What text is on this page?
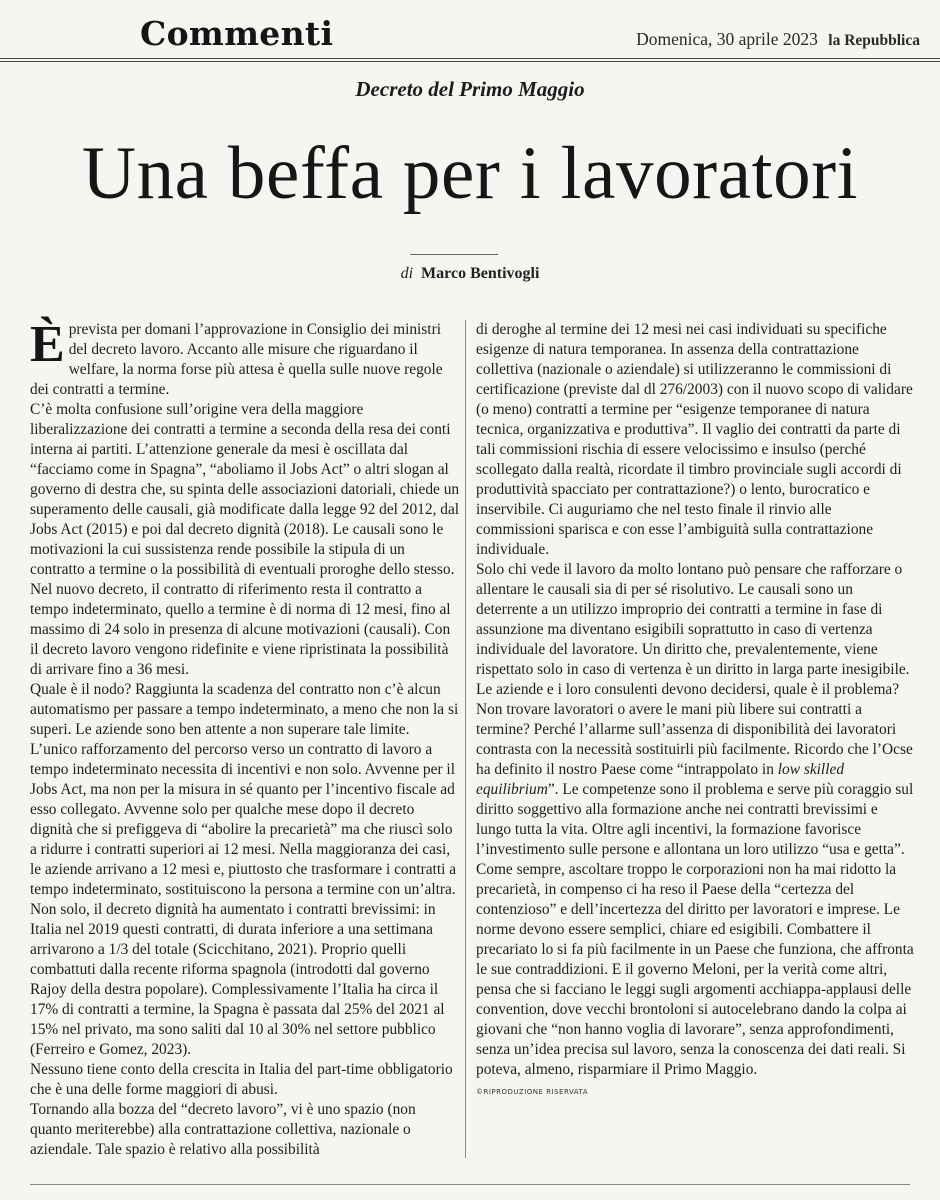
Commenti	Domenica, 30 aprile 2023 la Repubblica
Decreto del Primo Maggio
Una beffa per i lavoratori
di Marco Bentivogli

È prevista per domani l’approvazione in Consiglio dei ministri del decreto lavoro. Accanto alle misure che riguardano il welfare, la norma forse più attesa è quella sulle nuove regole dei contratti a termine.

C’è molta confusione sull’origine vera della maggiore liberalizzazione dei contratti a termine a seconda della resa dei conti interna ai partiti. L’attenzione generale da mesi è oscillata dal “facciamo come in Spagna”, “aboliamo il Jobs Act” o altri slogan al governo di destra che, su spinta delle associazioni datoriali, chiede un superamento delle causali, già modificate dalla legge 92 del 2012, dal Jobs Act (2015) e poi dal decreto dignità (2018). Le causali sono le motivazioni la cui sussistenza rende possibile la stipula di un contratto a termine o la possibilità di eventuali proroghe dello stesso.

Nel nuovo decreto, il contratto di riferimento resta il contratto a tempo indeterminato, quello a termine è di norma di 12 mesi, fino al massimo di 24 solo in presenza di alcune motivazioni (causali). Con il decreto lavoro vengono ridefinite e viene ripristinata la possibilità di arrivare fino a 36 mesi.

Quale è il nodo? Raggiunta la scadenza del contratto non c’è alcun automatismo per passare a tempo indeterminato, a meno che non la si superi. Le aziende sono ben attente a non superare tale limite. L’unico rafforzamento del percorso verso un contratto di lavoro a tempo indeterminato necessita di incentivi e non solo. Avvenne per il Jobs Act, ma non per la misura in sé quanto per l’incentivo fiscale ad esso collegato. Avvenne solo per qualche mese dopo il decreto dignità che si prefiggeva di “abolire la precarietà” ma che riuscì solo a ridurre i contratti superiori ai 12 mesi. Nella maggioranza dei casi, le aziende arrivano a 12 mesi e, piuttosto che trasformare i contratti a tempo indeterminato, sostituiscono la persona a termine con un’altra. Non solo, il decreto dignità ha aumentato i contratti brevissimi: in Italia nel 2019 questi contratti, di durata inferiore a una settimana arrivarono a 1/3 del totale (Scicchitano, 2021). Proprio quelli combattuti dalla recente riforma spagnola (introdotti dal governo Rajoy della destra popolare). Complessivamente l’Italia ha circa il 17% di contratti a termine, la Spagna è passata dal 25% del 2021 al 15% nel privato, ma sono saliti dal 10 al 30% nel settore pubblico (Ferreiro e Gomez, 2023).

Nessuno tiene conto della crescita in Italia del part-time obbligatorio che è una delle forme maggiori di abusi.

Tornando alla bozza del “decreto lavoro”, vi è uno spazio (non quanto meriterebbe) alla contrattazione collettiva, nazionale o aziendale. Tale spazio è relativo alla possibilità

di deroghe al termine dei 12 mesi nei casi individuati su specifiche esigenze di natura temporanea. In assenza della contrattazione collettiva (nazionale o aziendale) si utilizzeranno le commissioni di certificazione (previste dal dl 276/2003) con il nuovo scopo di validare (o meno) contratti a termine per “esigenze temporanee di natura tecnica, organizzativa e produttiva”. Il vaglio dei contratti da parte di tali commissioni rischia di essere velocissimo e insulso (perché scollegato dalla realtà, ricordate il timbro provinciale sugli accordi di produttività spacciato per contrattazione?) o lento, burocratico e inservibile. Ci auguriamo che nel testo finale il rinvio alle commissioni sparisca e con esse l’ambiguità sulla contrattazione individuale.

Solo chi vede il lavoro da molto lontano può pensare che rafforzare o allentare le causali sia di per sé risolutivo. Le causali sono un deterrente a un utilizzo improprio dei contratti a termine in fase di assunzione ma diventano esigibili soprattutto in caso di vertenza individuale del lavoratore. Un diritto che, prevalentemente, viene rispettato solo in caso di vertenza è un diritto in larga parte inesigibile.

Le aziende e i loro consulenti devono decidersi, quale è il problema? Non trovare lavoratori o avere le mani più libere sui contratti a termine? Perché l’allarme sull’assenza di disponibilità dei lavoratori contrasta con la necessità sostituirli più facilmente. Ricordo che l’Ocse ha definito il nostro Paese come “intrappolato in low skilled equilibrium”. Le competenze sono il problema e serve più coraggio sul diritto soggettivo alla formazione anche nei contratti brevissimi e lungo tutta la vita. Oltre agli incentivi, la formazione favorisce l’investimento sulle persone e allontana un loro utilizzo “usa e getta”.

Come sempre, ascoltare troppo le corporazioni non ha mai ridotto la precarietà, in compenso ci ha reso il Paese della “certezza del contenzioso” e dell’incertezza del diritto per lavoratori e imprese. Le norme devono essere semplici, chiare ed esigibili. Combattere il precariato lo si fa più facilmente in un Paese che funziona, che affronta le sue contraddizioni. E il governo Meloni, per la verità come altri, pensa che si facciano le leggi sugli argomenti acchiappa-applausi delle convention, dove vecchi brontoloni si autocelebrano dando la colpa ai giovani che “non hanno voglia di lavorare”, senza approfondimenti, senza un’idea precisa sul lavoro, senza la conoscenza dei dati reali. Si poteva, almeno, risparmiare il Primo Maggio.

©RIPRODUZIONE RISERVATA
